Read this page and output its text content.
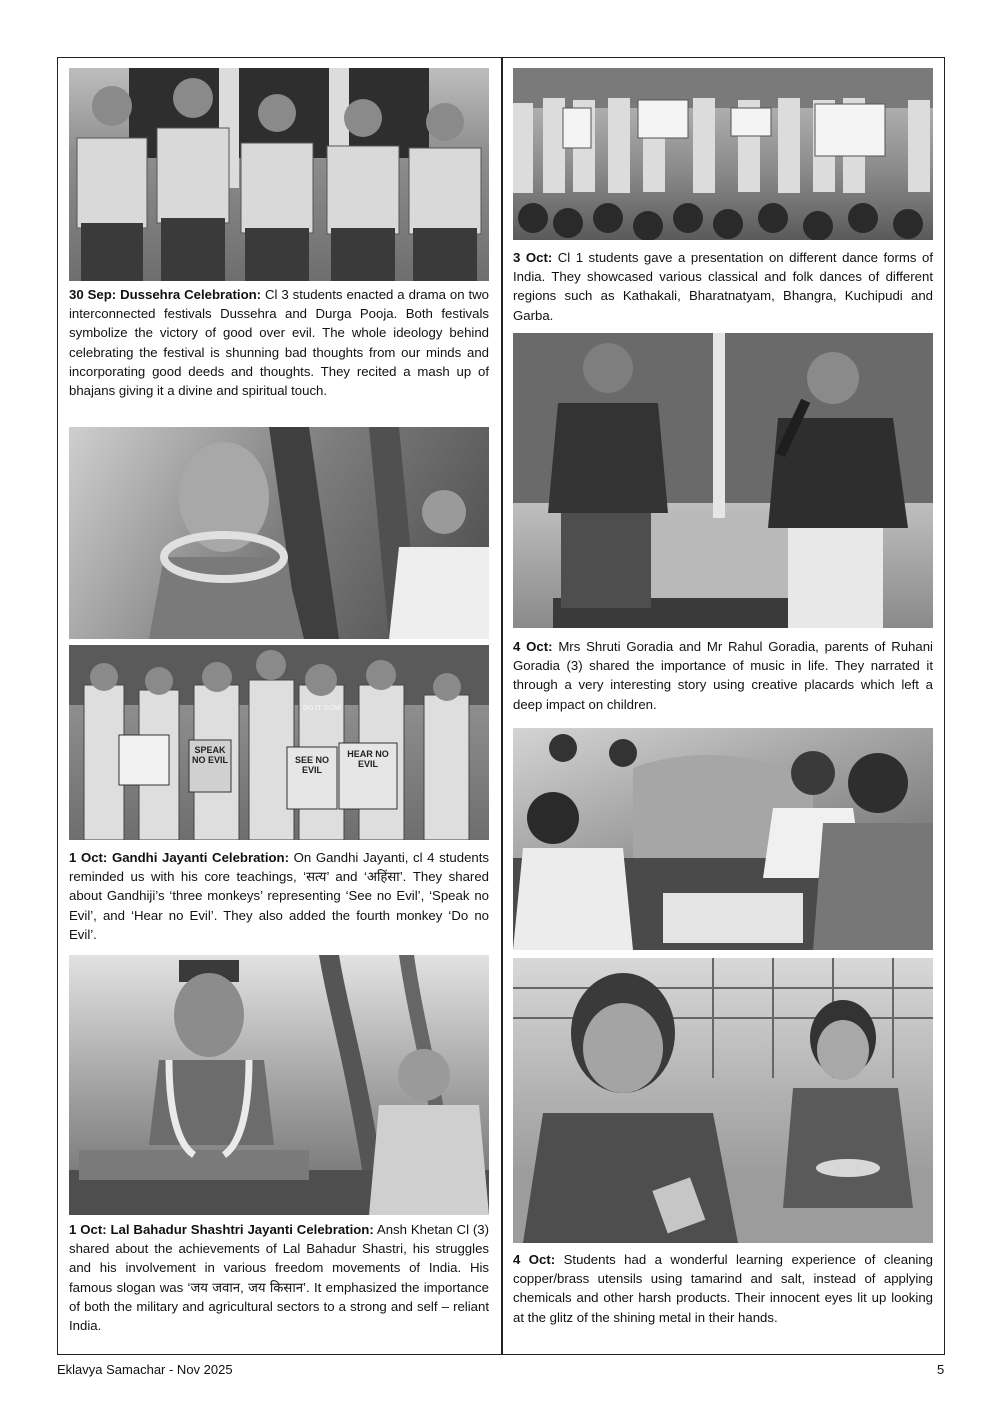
30 Sep: Dussehra Celebration: Cl 3 students enacted a drama on two interconnected festivals Dussehra and Durga Pooja. Both festivals symbolize the victory of good over evil. The whole ideology behind celebrating the festival is shunning bad thoughts from our minds and incorporating good deeds and thoughts. They recited a mash up of bhajans giving it a divine and spiritual touch.
SPEAK NO EVIL	SEE NO EVIL
HEAR NO EVIL
DO IT GOW
1 Oct: Gandhi Jayanti Celebration: On Gandhi Jayanti, cl 4 students reminded us with his core teachings, ‘सत्य’ and ‘अहिंसा’. They shared about Gandhiji’s ‘three monkeys’ representing ‘See no Evil’, ‘Speak no Evil’, and ‘Hear no Evil’. They also added the fourth monkey ‘Do no Evil’.
1 Oct: Lal Bahadur Shashtri Jayanti Celebration: Ansh Khetan Cl (3) shared about the achievements of Lal Bahadur Shastri, his struggles and his involvement in various freedom movements of India. His famous slogan was ‘जय जवान, जय किसान’. It emphasized the importance of both the military and agricultural sectors to a strong and self – reliant India.
3 Oct: Cl 1 students gave a presentation on different dance forms of India. They showcased various classical and folk dances of different regions such as Kathakali, Bharatnatyam, Bhangra, Kuchipudi and Garba.
4 Oct: Mrs Shruti Goradia and Mr Rahul Goradia, parents of Ruhani Goradia (3) shared the importance of music in life. They narrated it through a very interesting story using creative placards which left a deep impact on children.
4 Oct: Students had a wonderful learning experience of cleaning copper/brass utensils using tamarind and salt, instead of applying chemicals and other harsh products. Their innocent eyes lit up looking at the glitz of the shining metal in their hands.
Eklavya Samachar - Nov 2025	5
